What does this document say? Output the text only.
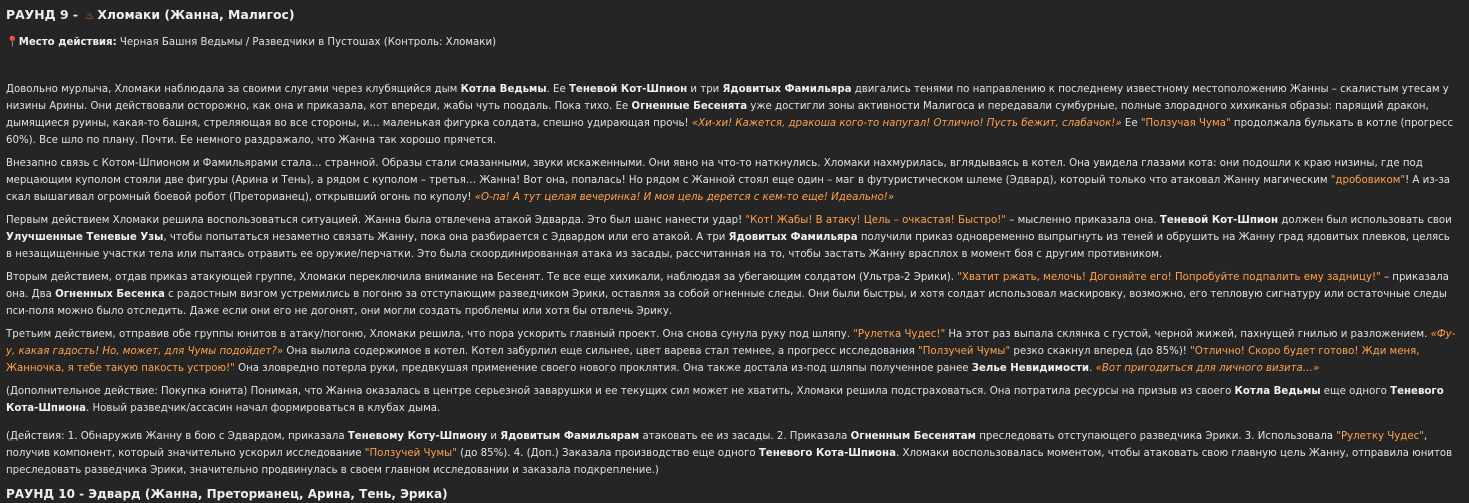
РАУНД 9 - ♨ Хломаки (Жанна, Малигос)
📍Место действия: Черная Башня Ведьмы / Разведчики в Пустошах (Контроль: Хломаки)

Довольно мурлыча, Хломаки наблюдала за своими слугами через клубящийся дым Котла Ведьмы. Ее Теневой Кот-Шпион и три Ядовитых Фамильяра двигались тенями по направлению к последнему известному местоположению Жанны – скалистым утесам у низины Арины. Они действовали осторожно, как она и приказала, кот впереди, жабы чуть поодаль. Пока тихо. Ее Огненные Бесенята уже достигли зоны активности Малигоса и передавали сумбурные, полные злорадного хихиканья образы: парящий дракон, дымящиеся руины, какая-то башня, стреляющая во все стороны, и… маленькая фигурка солдата, спешно удирающая прочь! «Хи-хи! Кажется, дракоша кого-то напугал! Отлично! Пусть бежит, слабачок!» Ее "Ползучая Чума" продолжала булькать в котле (прогресс 60%). Все шло по плану. Почти. Ее немного раздражало, что Жанна так хорошо прячется.

Внезапно связь с Котом-Шпионом и Фамильярами стала… странной. Образы стали смазанными, звуки искаженными. Они явно на что-то наткнулись. Хломаки нахмурилась, вглядываясь в котел. Она увидела глазами кота: они подошли к краю низины, где под мерцающим куполом стояли две фигуры (Арина и Тень), а рядом с куполом – третья… Жанна! Вот она, попалась! Но рядом с Жанной стоял еще один – маг в футуристическом шлеме (Эдвард), который только что атаковал Жанну магическим "дробовиком"! А из-за скал вышагивал огромный боевой робот (Преторианец), открывший огонь по куполу! «О-па! А тут целая вечеринка! И моя цель дерется с кем-то еще! Идеально!»

Первым действием Хломаки решила воспользоваться ситуацией. Жанна была отвлечена атакой Эдварда. Это был шанс нанести удар! "Кот! Жабы! В атаку! Цель – очкастая! Быстро!" – мысленно приказала она. Теневой Кот-Шпион должен был использовать свои Улучшенные Теневые Узы, чтобы попытаться незаметно связать Жанну, пока она разбирается с Эдвардом или его атакой. А три Ядовитых Фамильяра получили приказ одновременно выпрыгнуть из теней и обрушить на Жанну град ядовитых плевков, целясь в незащищенные участки тела или пытаясь отравить ее оружие/перчатки. Это была скоординированная атака из засады, рассчитанная на то, чтобы застать Жанну врасплох в момент боя с другим противником.

Вторым действием, отдав приказ атакующей группе, Хломаки переключила внимание на Бесенят. Те все еще хихикали, наблюдая за убегающим солдатом (Ультра-2 Эрики). "Хватит ржать, мелочь! Догоняйте его! Попробуйте подпалить ему задницу!" – приказала она. Два Огненных Бесенка с радостным визгом устремились в погоню за отступающим разведчиком Эрики, оставляя за собой огненные следы. Они были быстры, и хотя солдат использовал маскировку, возможно, его тепловую сигнатуру или остаточные следы пси-поля можно было отследить. Даже если они его не догонят, они могли создать проблемы или хотя бы отвлечь Эрику.

Третьим действием, отправив обе группы юнитов в атаку/погоню, Хломаки решила, что пора ускорить главный проект. Она снова сунула руку под шляпу. "Рулетка Чудес!" На этот раз выпала склянка с густой, черной жижей, пахнущей гнилью и разложением. «Фу-у, какая гадость! Но, может, для Чумы подойдет?» Она вылила содержимое в котел. Котел забурлил еще сильнее, цвет варева стал темнее, а прогресс исследования "Ползучей Чумы" резко скакнул вперед (до 85%)! "Отлично! Скоро будет готово! Жди меня, Жанночка, я тебе такую пакость устрою!" Она зловредно потерла руки, предвкушая применение своего нового проклятия. Она также достала из-под шляпы полученное ранее Зелье Невидимости. «Вот пригодиться для личного визита…»

(Дополнительное действие: Покупка юнита) Понимая, что Жанна оказалась в центре серьезной заварушки и ее текущих сил может не хватить, Хломаки решила подстраховаться. Она потратила ресурсы на призыв из своего Котла Ведьмы еще одного Теневого Кота-Шпиона. Новый разведчик/ассасин начал формироваться в клубах дыма.

(Действия: 1. Обнаружив Жанну в бою с Эдвардом, приказала Теневому Коту-Шпиону и Ядовитым Фамильярам атаковать ее из засады. 2. Приказала Огненным Бесенятам преследовать отступающего разведчика Эрики. 3. Использовала "Рулетку Чудес", получив компонент, который значительно ускорил исследование "Ползучей Чумы" (до 85%). 4. (Доп.) Заказала производство еще одного Теневого Кота-Шпиона. Хломаки воспользовалась моментом, чтобы атаковать свою главную цель Жанну, отправила юнитов преследовать разведчика Эрики, значительно продвинулась в своем главном исследовании и заказала подкрепление.)

РАУНД 10 - Эдвард (Жанна, Преторианец, Арина, Тень, Эрика)
